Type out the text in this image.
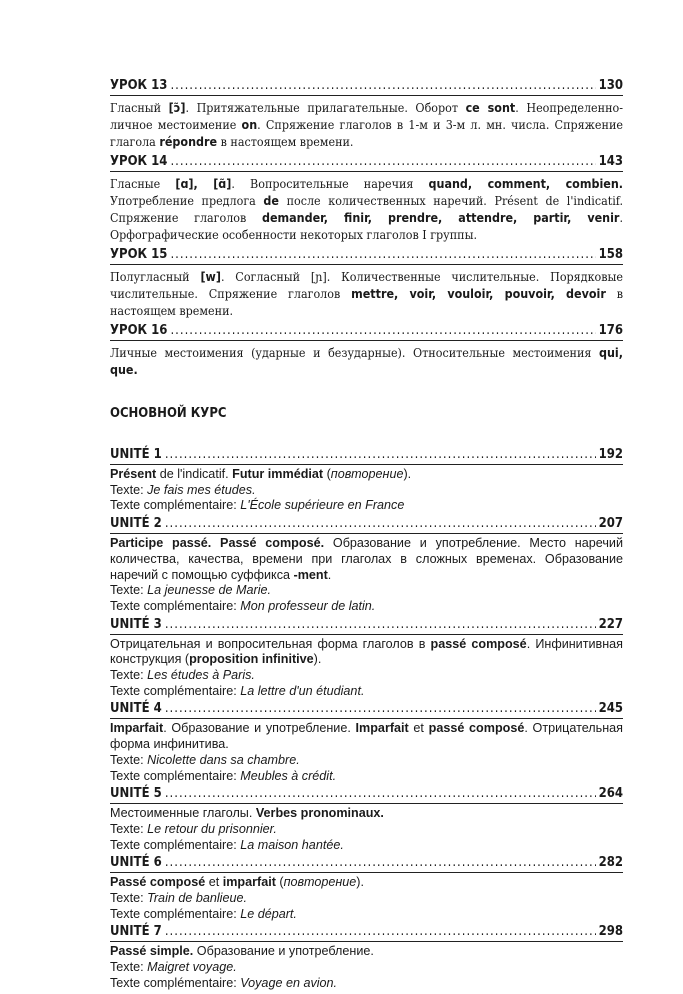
УРОК 13 .....	130
Гласный [ɔ̃]. Притяжательные прилагательные. Оборот ce sont. Неопределенно-личное местоимение on. Спряжение глаголов в 1-м и 3-м л. мн. числа. Спряжение глагола répondre в настоящем времени.
УРОК 14 .....	143
Гласные [ɑ], [ɑ̃]. Вопросительные наречия quand, comment, combien. Употребление предлога de после количественных наречий. Présent de l'indicatif. Спряжение глаголов demander, finir, prendre, attendre, partir, venir. Орфографические особенности некоторых глаголов I группы.
УРОК 15 .....	158
Полугласный [w]. Согласный [ɲ]. Количественные числительные. Порядковые числительные. Спряжение глаголов mettre, voir, vouloir, pouvoir, devoir в настоящем времени.
УРОК 16 .....	176
Личные местоимения (ударные и безударные). Относительные местоимения qui, que.
ОСНОВНОЙ КУРС
UNITÉ 1 .....	192
Présent de l'indicatif. Futur immédiat (повторение).
Texte: Je fais mes études.
Texte complémentaire: L'École supérieure en France
UNITÉ 2 .....	207
Participe passé. Passé composé. Образование и употребление. Место наречий количества, качества, времени при глаголах в сложных временах. Образование наречий с помощью суффикса -ment.
Texte: La jeunesse de Marie.
Texte complémentaire: Mon professeur de latin.
UNITÉ 3 .....	227
Отрицательная и вопросительная форма глаголов в passé composé. Инфинитивная конструкция (proposition infinitive).
Texte: Les études à Paris.
Texte complémentaire: La lettre d'un étudiant.
UNITÉ 4 .....	245
Imparfait. Образование и употребление. Imparfait et passé composé. Отрицательная форма инфинитива.
Texte: Nicolette dans sa chambre.
Texte complémentaire: Meubles à crédit.
UNITÉ 5 .....	264
Местоименные глаголы. Verbes pronominaux.
Texte: Le retour du prisonnier.
Texte complémentaire: La maison hantée.
UNITÉ 6 .....	282
Passé composé et imparfait (повторение).
Texte: Train de banlieue.
Texte complémentaire: Le départ.
UNITÉ 7 .....	298
Passé simple. Образование и употребление.
Texte: Maigret voyage.
Texte complémentaire: Voyage en avion.
